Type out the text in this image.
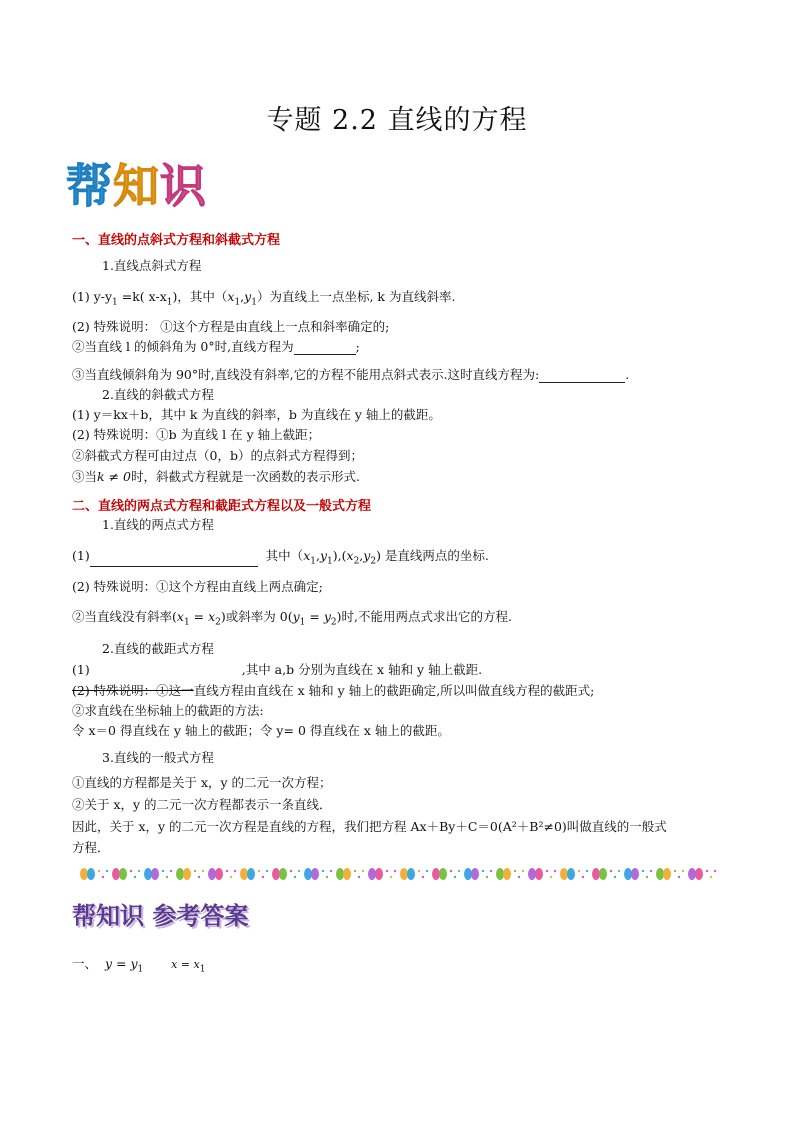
专题 2.2 直线的方程
帮知识
一、直线的点斜式方程和斜截式方程
1.直线点斜式方程
(1) $y-y_1 =k$( $x-x_1$)，其中$(x_1,y_1)$为直线上一点坐标, k 为直线斜率.
(2) 特殊说明： ①这个方程是由直线上一点和斜率确定的;
②当直线 l 的倾斜角为 0°时,直线方程为	;
③当直线倾斜角为 90°时,直线没有斜率,它的方程不能用点斜式表示.这时直线方程为:	.
2.直线的斜截式方程
(1) y＝kx＋b，其中 k 为直线的斜率，b 为直线在 y 轴上的截距。
(2) 特殊说明：①b 为直线 l 在 y 轴上截距；
②斜截式方程可由过点（0，b）的点斜式方程得到；
③当k ≠ 0时，斜截式方程就是一次函数的表示形式.
二、直线的两点式方程和截距式方程以及一般式方程
1.直线的两点式方程
(1)	其中$(x_1,y_1),(x_2,y_2)$ 是直线两点的坐标.
(2) 特殊说明：①这个方程由直线上两点确定;
②当直线没有斜率$(x_1 = x_2)$或斜率为 $0(y_1 = y_2)$时,不能用两点式求出它的方程.
2.直线的截距式方程
(1)	,其中 a,b 分别为直线在 x 轴和 y 轴上截距.
(2) 特殊说明：①这一直线方程由直线在 x 轴和 y 轴上的截距确定,所以叫做直线方程的截距式;
②求直线在坐标轴上的截距的方法:
令 x＝0 得直线在 y 轴上的截距；令 y= 0 得直线在 x 轴上的截距。
3.直线的一般式方程
①直线的方程都是关于 x，y 的二元一次方程；
②关于 x，y 的二元一次方程都表示一条直线．
因此，关于 x，y 的二元一次方程是直线的方程，我们把方程 Ax＋By＋C＝0(A²＋B²≠0)叫做直线的一般式
方程．
帮知识 参考答案
一、 $y = y_1$	$x = x_1$
